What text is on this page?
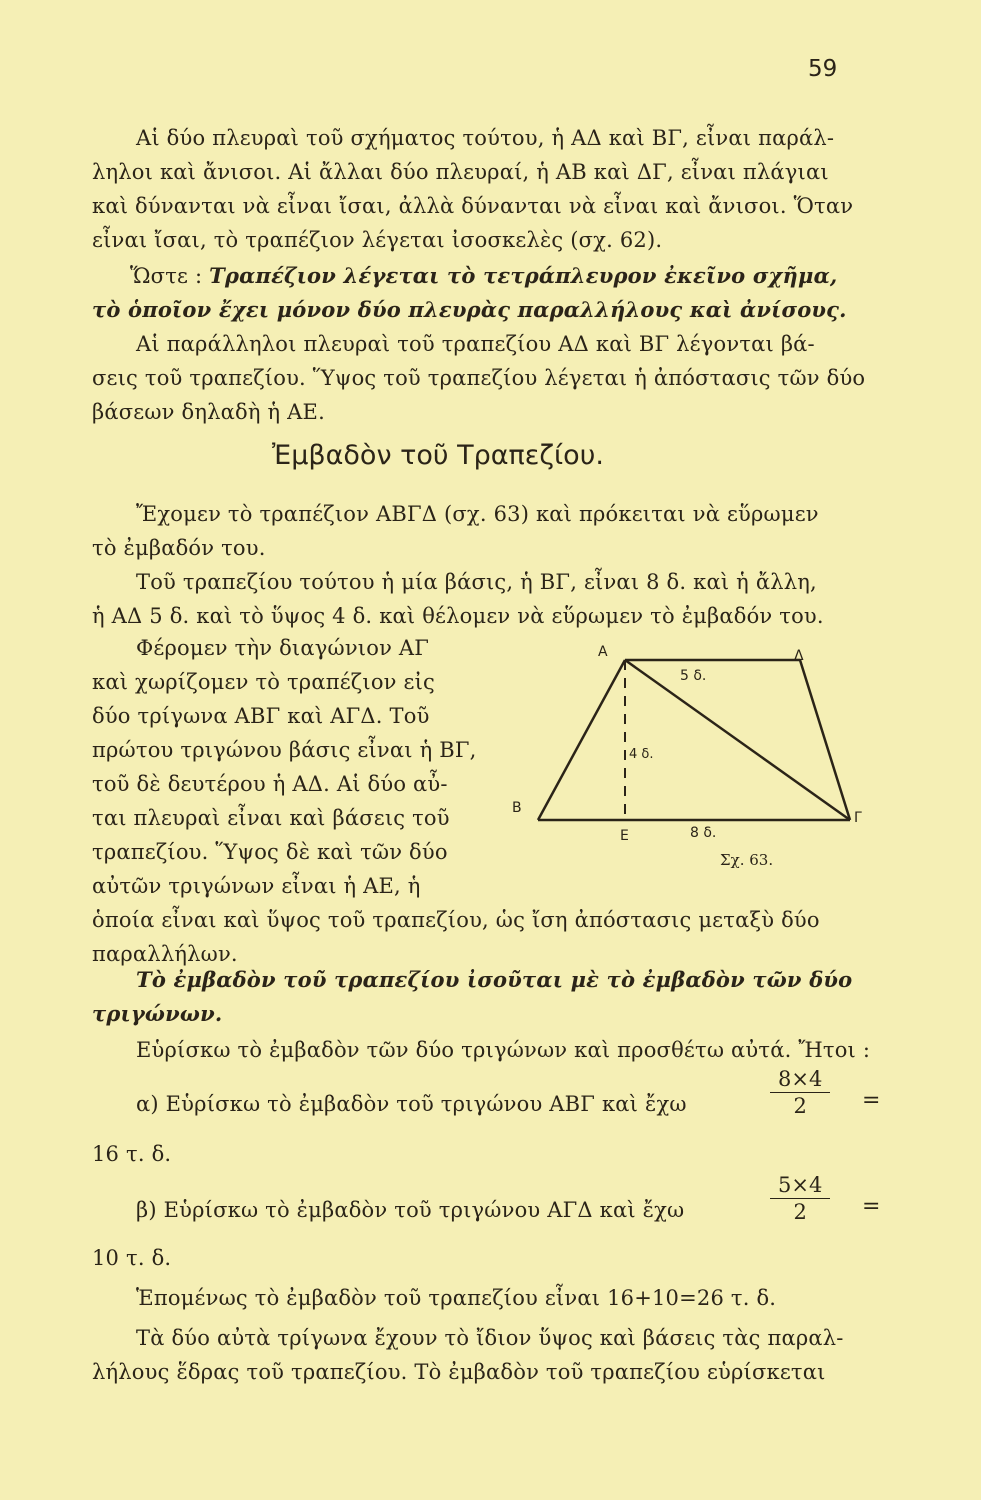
59
Αἱ δύο πλευραὶ τοῦ σχήματος τούτου, ἡ ΑΔ καὶ ΒΓ, εἶναι παράλ-
ληλοι καὶ ἄνισοι. Αἱ ἄλλαι δύο πλευραί, ἡ ΑΒ καὶ ΔΓ, εἶναι πλάγιαι
καὶ δύνανται νὰ εἶναι ἴσαι, ἀλλὰ δύνανται νὰ εἶναι καὶ ἄνισοι. Ὅταν
εἶναι ἴσαι, τὸ τραπέζιον λέγεται ἰσοσκελὲς (σχ. 62).
Ὥστε : Τραπέζιον λέγεται τὸ τετράπλευρον ἐκεῖνο σχῆμα,
τὸ ὁποῖον ἔχει μόνον δύο πλευρὰς παραλλήλους καὶ ἀνίσους.
Αἱ παράλληλοι πλευραὶ τοῦ τραπεζίου ΑΔ καὶ ΒΓ λέγονται βά-
σεις τοῦ τραπεζίου. Ὕψος τοῦ τραπεζίου λέγεται ἡ ἀπόστασις τῶν δύο
βάσεων δηλαδὴ ἡ ΑΕ.
Ἐμβαδὸν τοῦ Τραπεζίου.
Ἔχομεν τὸ τραπέζιον ΑΒΓΔ (σχ. 63) καὶ πρόκειται νὰ εὕρωμεν
τὸ ἐμβαδόν του.
Τοῦ τραπεζίου τούτου ἡ μία βάσις, ἡ ΒΓ, εἶναι 8 δ. καὶ ἡ ἄλλη,
ἡ ΑΔ 5 δ. καὶ τὸ ὕψος 4 δ. καὶ θέλομεν νὰ εὕρωμεν τὸ ἐμβαδόν του.
Φέρομεν τὴν διαγώνιον ΑΓ
καὶ χωρίζομεν τὸ τραπέζιον εἰς
δύο τρίγωνα ΑΒΓ καὶ ΑΓΔ. Τοῦ
πρώτου τριγώνου βάσις εἶναι ἡ ΒΓ,
τοῦ δὲ δευτέρου ἡ ΑΔ. Αἱ δύο αὖ-
ται πλευραὶ εἶναι καὶ βάσεις τοῦ
τραπεζίου. Ὕψος δὲ καὶ τῶν δύο
αὐτῶν τριγώνων εἶναι ἡ ΑΕ, ἡ
ὁποία εἶναι καὶ ὕψος τοῦ τραπεζίου, ὡς ἴση ἀπόστασις μεταξὺ δύο
παραλλήλων.
Α	Δ
Β
Γ
Ε
5 δ.
8 δ.
4 δ.
Σχ. 63.
Τὸ ἐμβαδὸν τοῦ τραπεζίου ἰσοῦται μὲ τὸ ἐμβαδὸν τῶν δύο
τριγώνων.
Εὑρίσκω τὸ ἐμβαδὸν τῶν δύο τριγώνων καὶ προσθέτω αὐτά. Ἤτοι :
α) Εὑρίσκω τὸ ἐμβαδὸν τοῦ τριγώνου ΑΒΓ καὶ ἔχω	$\frac{8\times 4}{2}$ =
16 τ. δ.
β) Εὑρίσκω τὸ ἐμβαδὸν τοῦ τριγώνου ΑΓΔ καὶ ἔχω	$\frac{5\times 4}{2}$ =
10 τ. δ.
Ἑπομένως τὸ ἐμβαδὸν τοῦ τραπεζίου εἶναι 16+10=26 τ. δ.
Τὰ δύο αὐτὰ τρίγωνα ἔχουν τὸ ἴδιον ὕψος καὶ βάσεις τὰς παραλ-
λήλους ἕδρας τοῦ τραπεζίου. Τὸ ἐμβαδὸν τοῦ τραπεζίου εὑρίσκεται
